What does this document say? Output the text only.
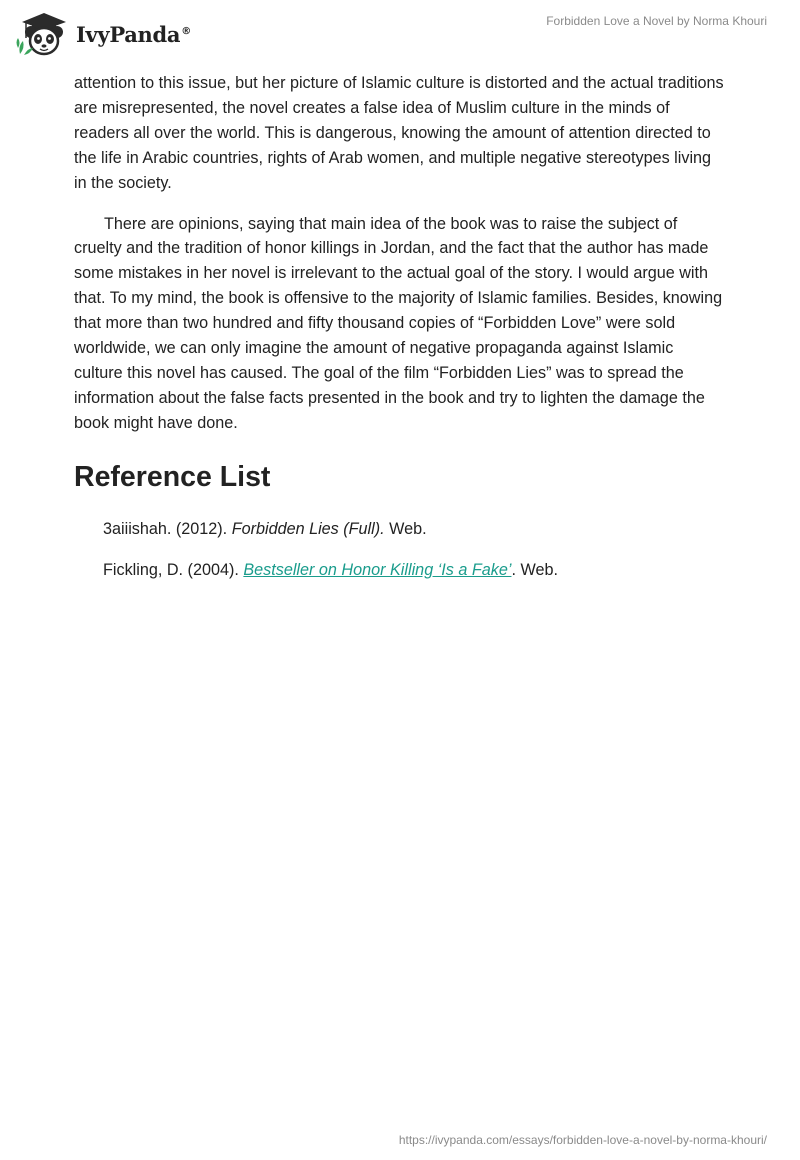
IvyPanda®
Forbidden Love a Novel by Norma Khouri

attention to this issue, but her picture of Islamic culture is distorted and the actual traditions are misrepresented, the novel creates a false idea of Muslim culture in the minds of readers all over the world. This is dangerous, knowing the amount of attention directed to the life in Arabic countries, rights of Arab women, and multiple negative stereotypes living in the society.

There are opinions, saying that main idea of the book was to raise the subject of cruelty and the tradition of honor killings in Jordan, and the fact that the author has made some mistakes in her novel is irrelevant to the actual goal of the story. I would argue with that. To my mind, the book is offensive to the majority of Islamic families. Besides, knowing that more than two hundred and fifty thousand copies of “Forbidden Love” were sold worldwide, we can only imagine the amount of negative propaganda against Islamic culture this novel has caused. The goal of the film “Forbidden Lies” was to spread the information about the false facts presented in the book and try to lighten the damage the book might have done.

Reference List
3aiiishah. (2012). Forbidden Lies (Full). Web.
Fickling, D. (2004). Bestseller on Honor Killing ‘Is a Fake’. Web.
https://ivypanda.com/essays/forbidden-love-a-novel-by-norma-khouri/
